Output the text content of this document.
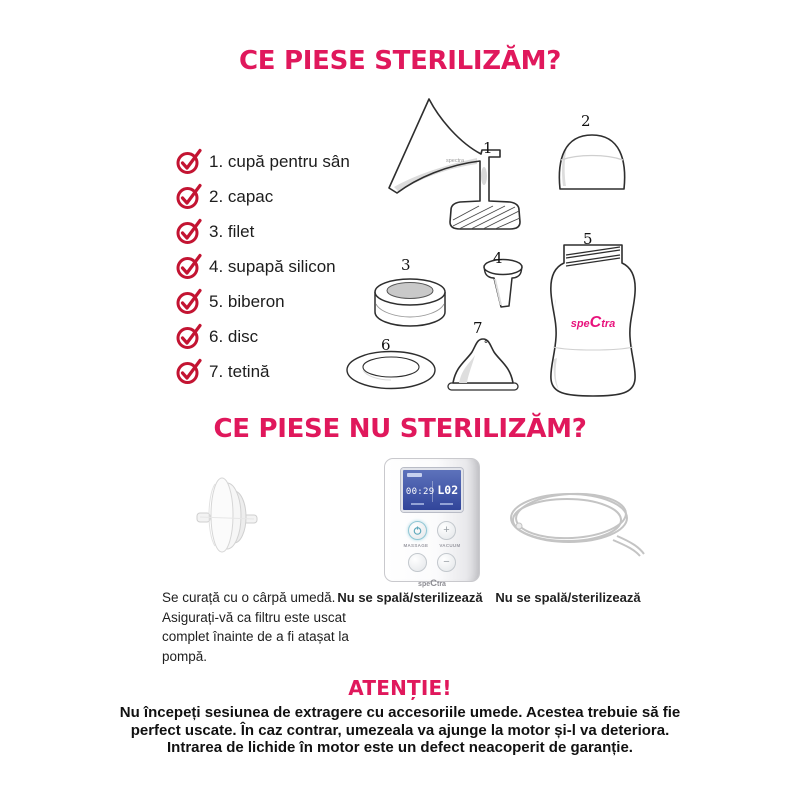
CE PIESE STERILIZĂM?
1. cupă pentru sân
2. capac
3. filet
4. supapă silicon
5. biberon
6. disc
7. tetină
spectra
1
2
3	4
speCtra
5
6
7
CE PIESE NU STERILIZĂM?
00:29 L02
+
MASSAGE VACUUM
−
speCtra
Se curață cu o cârpă umedă. Asigurați-vă ca filtru este uscat complet înainte de a fi atașat la pompă.
Nu se spală/sterilizează Nu se spală/sterilizează
ATENȚIE!
Nu începeți sesiunea de extragere cu accesoriile umede. Acestea trebuie să fie perfect uscate. În caz contrar, umezeala va ajunge la motor și-l va deteriora. Intrarea de lichide în motor este un defect neacoperit de garanție.
